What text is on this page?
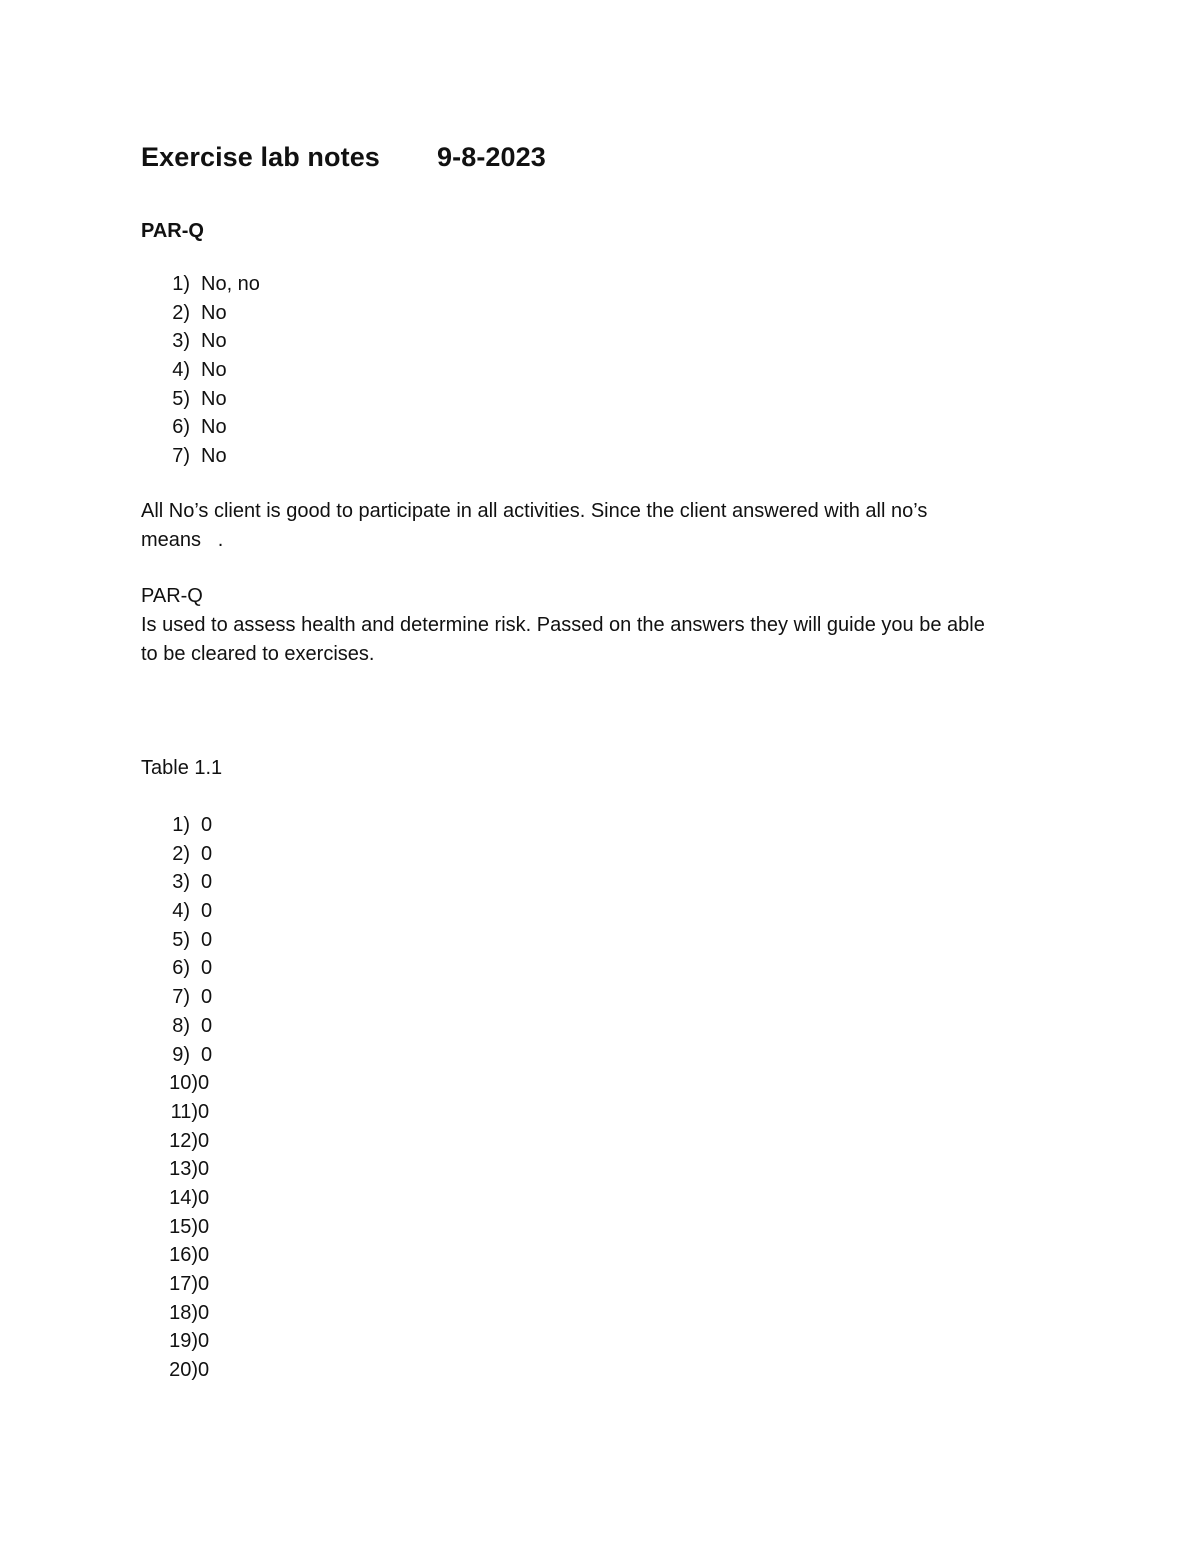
Exercise lab notes	9-8-2023
PAR-Q
1) No, no
2) No
3) No
4) No
5) No
6) No
7) No

All No’s client is good to participate in all activities. Since the client answered with all no’s
means   .

PAR-Q

Is used to assess health and determine risk. Passed on the answers they will guide you be able
to be cleared to exercises.

Table 1.1
1) 0
2) 0
3) 0
4) 0
5) 0
6) 0
7) 0
8) 0
9) 0
10) 0
11) 0
12) 0
13) 0
14) 0
15) 0
16) 0
17) 0
18) 0
19) 0
20) 0
